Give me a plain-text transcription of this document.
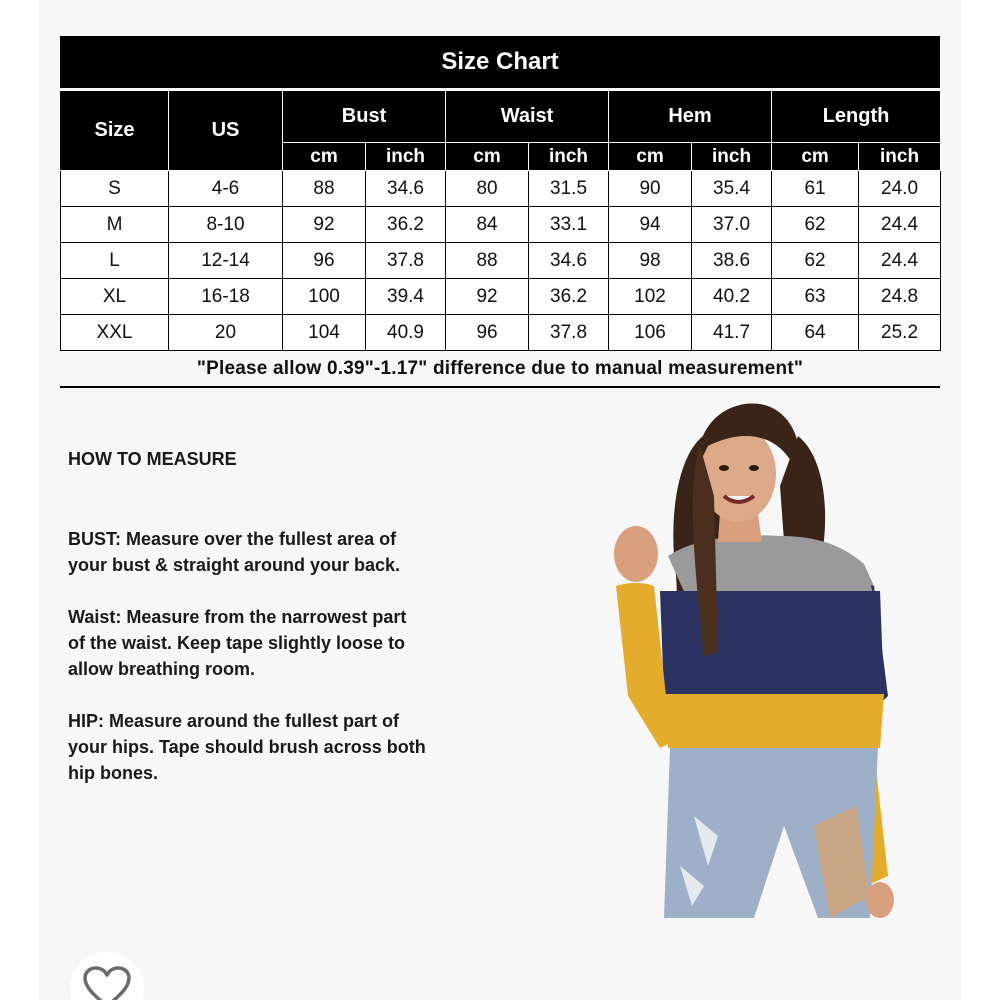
Size Chart
Size	US	Bust		Waist		Hem		Length	
		cm	inch	cm	inch	cm	inch	cm	inch
S	4-6	88	34.6	80	31.5	90	35.4	61	24.0
M	8-10	92	36.2	84	33.1	94	37.0	62	24.4
L	12-14	96	37.8	88	34.6	98	38.6	62	24.4
XL	16-18	100	39.4	92	36.2	102	40.2	63	24.8
XXL	20	104	40.9	96	37.8	106	41.7	64	25.2
"Please allow 0.39"-1.17" difference due to manual measurement"
HOW TO MEASURE

BUST: Measure over the fullest area of
your bust & straight around your back.

Waist: Measure from the narrowest part
of the waist. Keep tape slightly loose to
allow breathing room.

HIP: Measure around the fullest part of
your hips. Tape should brush across both
hip bones.
